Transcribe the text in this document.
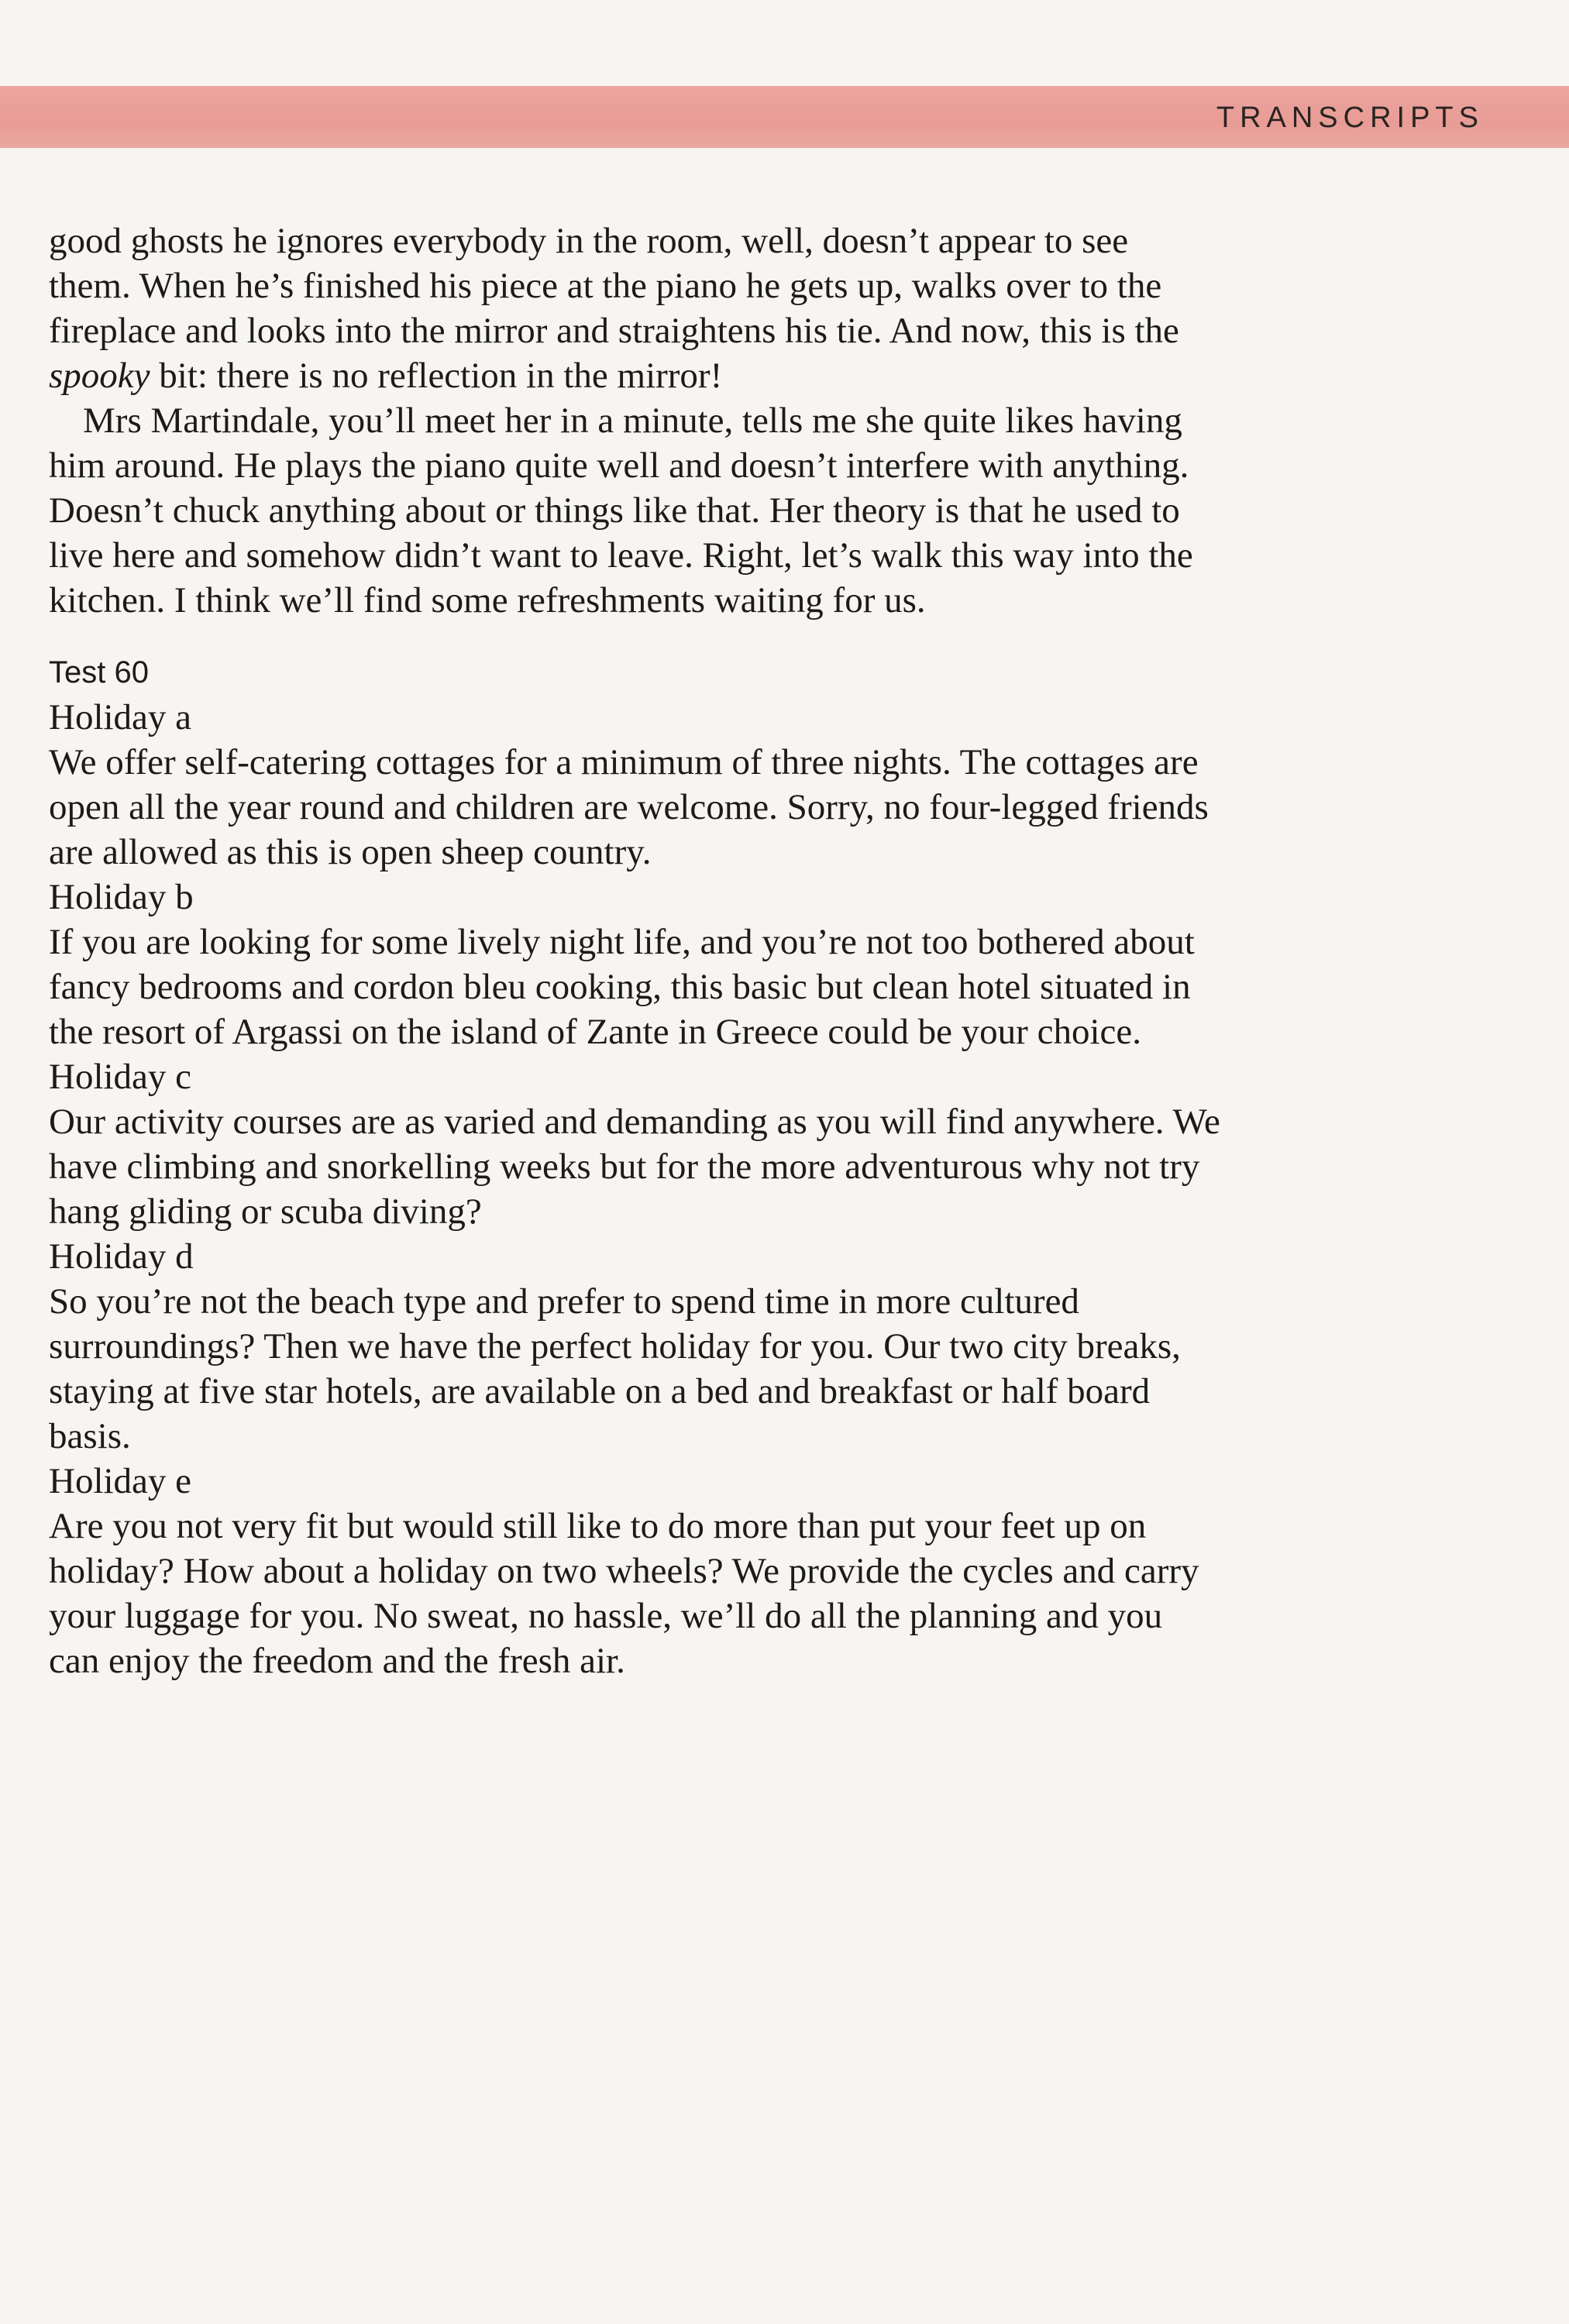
TRANSCRIPTS
good ghosts he ignores everybody in the room, well, doesn’t appear to see
them. When he’s finished his piece at the piano he gets up, walks over to the
fireplace and looks into the mirror and straightens his tie. And now, this is the
spooky bit: there is no reflection in the mirror!
Mrs Martindale, you’ll meet her in a minute, tells me she quite likes having
him around. He plays the piano quite well and doesn’t interfere with anything.
Doesn’t chuck anything about or things like that. Her theory is that he used to
live here and somehow didn’t want to leave. Right, let’s walk this way into the
kitchen. I think we’ll find some refreshments waiting for us.
Test 60
Holiday a
We offer self-catering cottages for a minimum of three nights. The cottages are
open all the year round and children are welcome. Sorry, no four-legged friends
are allowed as this is open sheep country.
Holiday b
If you are looking for some lively night life, and you’re not too bothered about
fancy bedrooms and cordon bleu cooking, this basic but clean hotel situated in
the resort of Argassi on the island of Zante in Greece could be your choice.
Holiday c
Our activity courses are as varied and demanding as you will find anywhere. We
have climbing and snorkelling weeks but for the more adventurous why not try
hang gliding or scuba diving?
Holiday d
So you’re not the beach type and prefer to spend time in more cultured
surroundings? Then we have the perfect holiday for you. Our two city breaks,
staying at five star hotels, are available on a bed and breakfast or half board
basis.
Holiday e
Are you not very fit but would still like to do more than put your feet up on
holiday? How about a holiday on two wheels? We provide the cycles and carry
your luggage for you. No sweat, no hassle, we’ll do all the planning and you
can enjoy the freedom and the fresh air.
